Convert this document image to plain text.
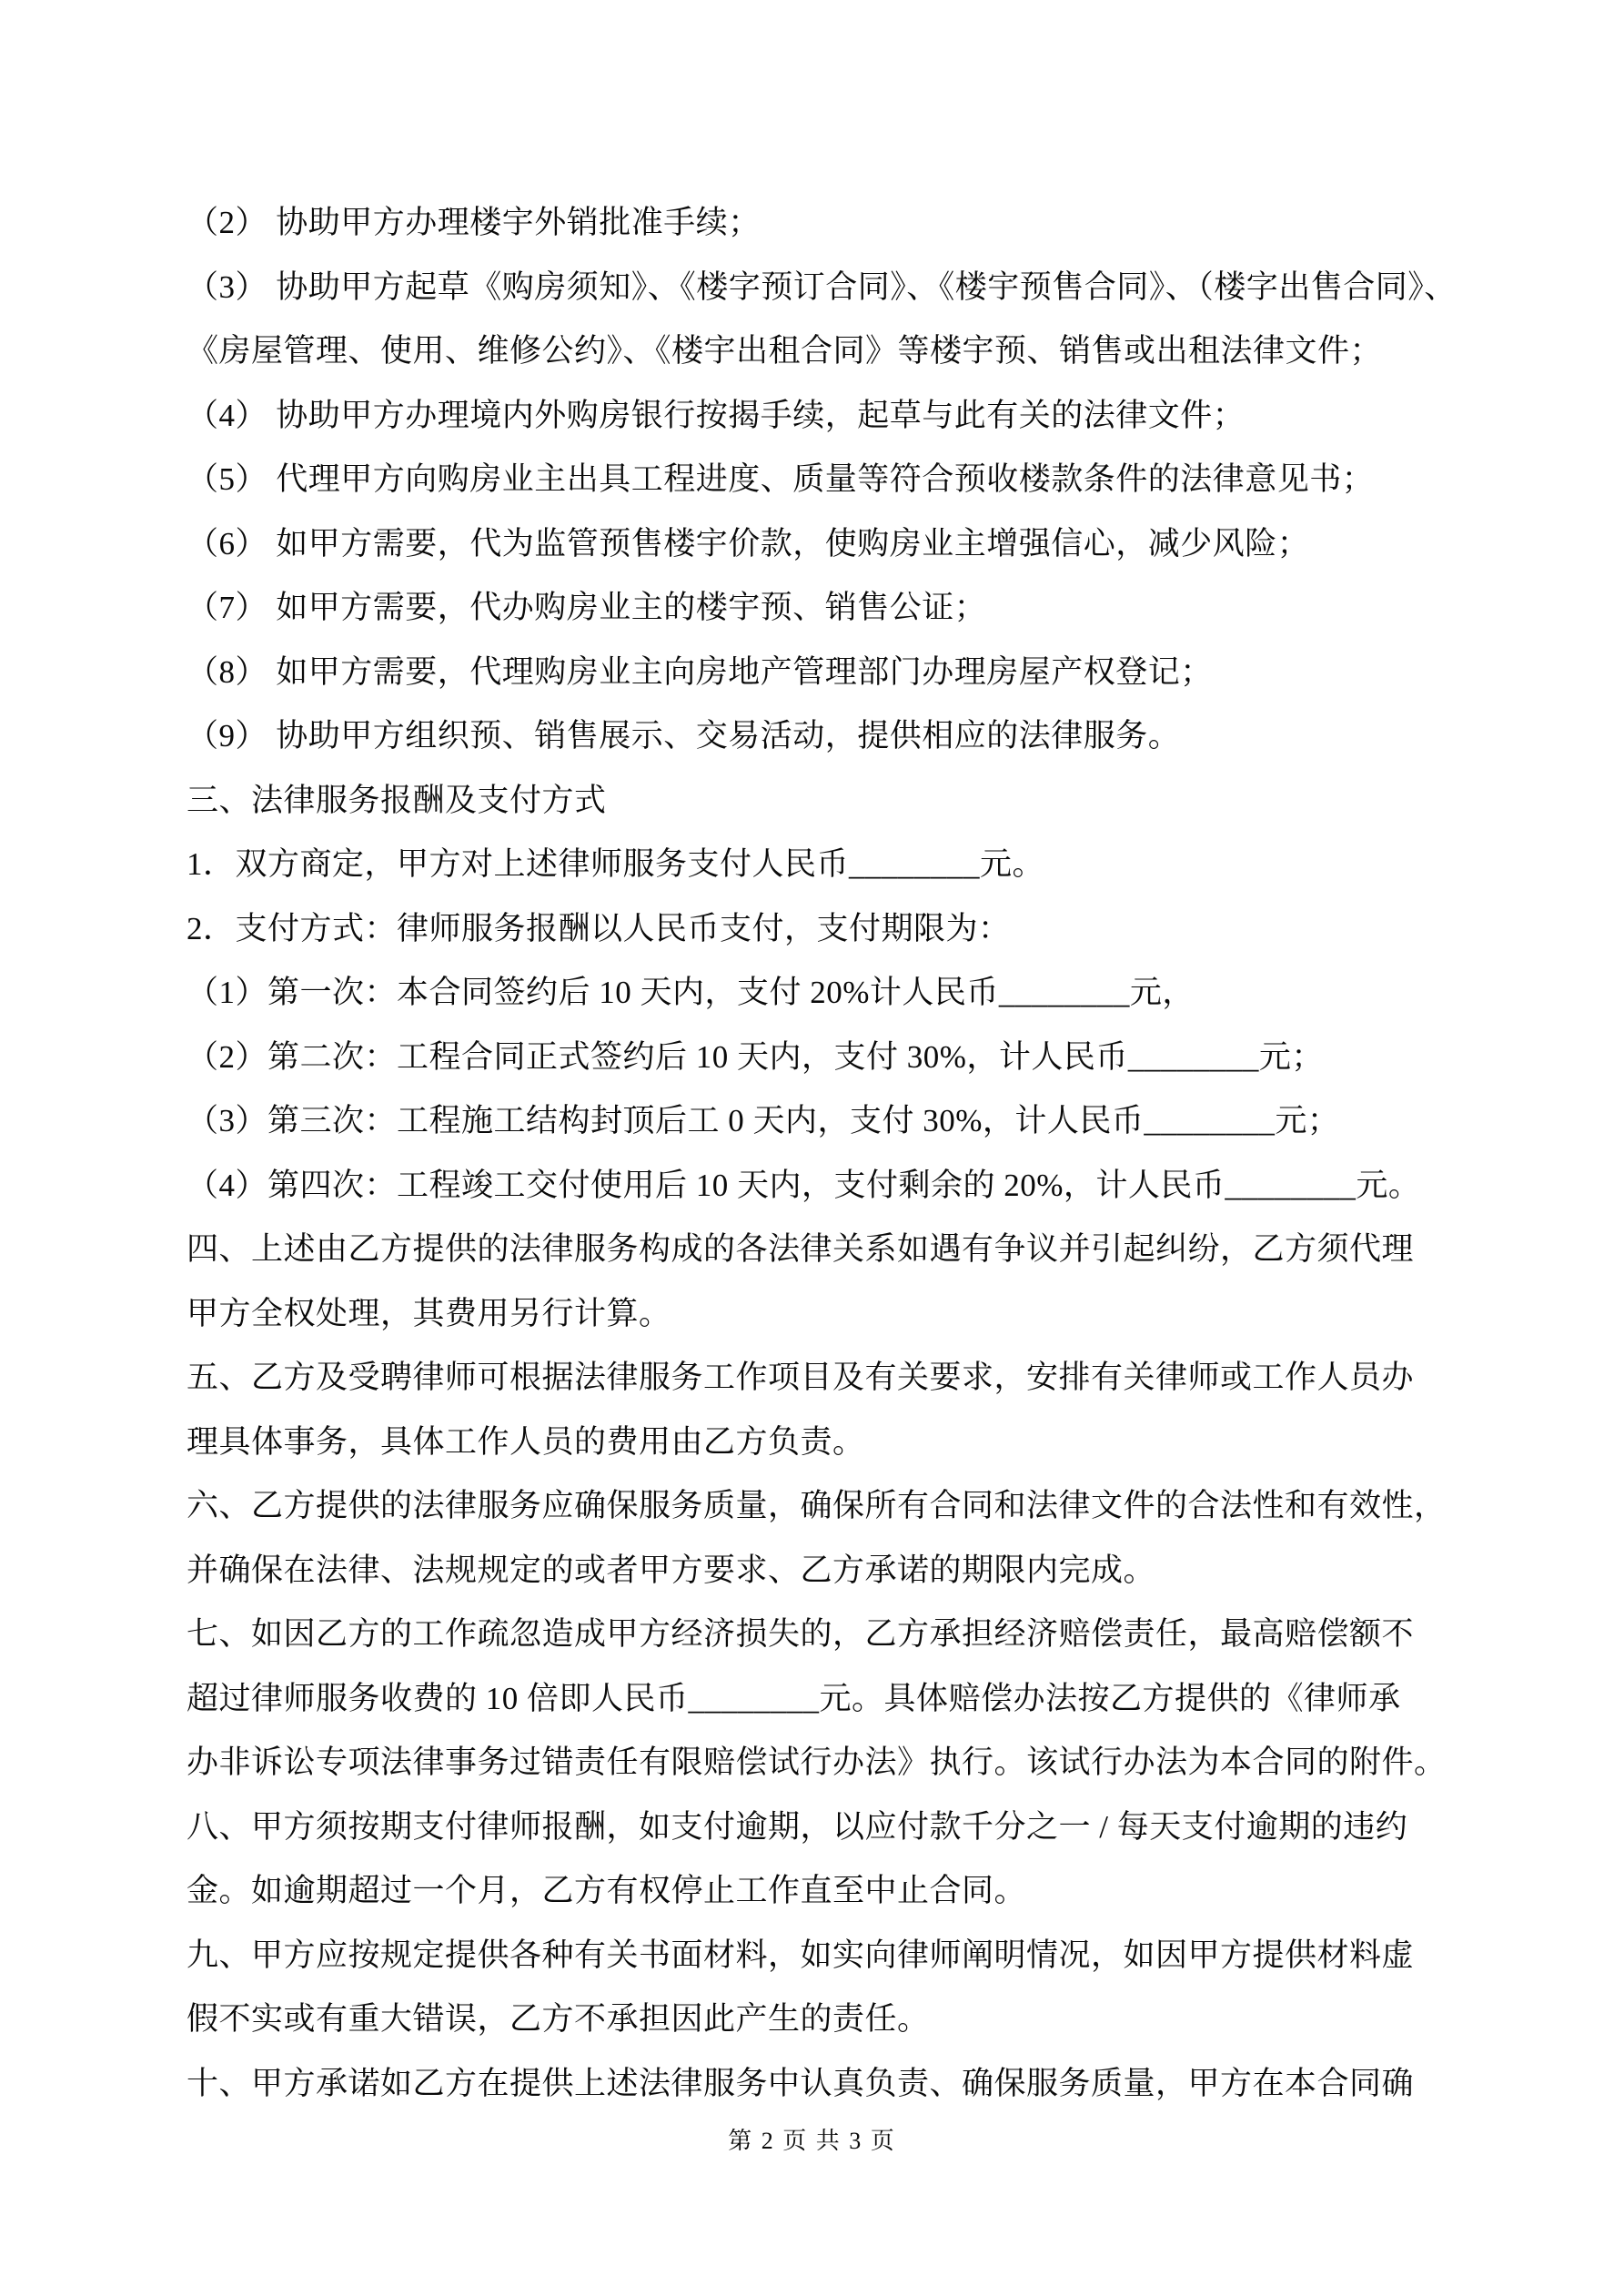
（2） 协助甲方办理楼宇外销批准手续；
（3） 协助甲方起草《购房须知》、《楼字预订合同》、《楼宇预售合同》、（楼字出售合同》、
《房屋管理、使用、维修公约》、《楼宇出租合同》等楼宇预、销售或出租法律文件；
（4） 协助甲方办理境内外购房银行按揭手续，起草与此有关的法律文件；
（5） 代理甲方向购房业主出具工程进度、质量等符合预收楼款条件的法律意见书；
（6） 如甲方需要，代为监管预售楼宇价款，使购房业主增强信心，减少风险；
（7） 如甲方需要，代办购房业主的楼宇预、销售公证；
（8） 如甲方需要，代理购房业主向房地产管理部门办理房屋产权登记；
（9） 协助甲方组织预、销售展示、交易活动，提供相应的法律服务。
三、法律服务报酬及支付方式
1．双方商定，甲方对上述律师服务支付人民币________元。
2．支付方式：律师服务报酬以人民币支付，支付期限为：
（1）第一次：本合同签约后 10 天内，支付 20%计人民币________元，
（2）第二次：工程合同正式签约后 10 天内，支付 30%，计人民币________元；
（3）第三次：工程施工结构封顶后工 0 天内，支付 30%，计人民币________元；
（4）第四次：工程竣工交付使用后 10 天内，支付剩余的 20%，计人民币________元。
四、上述由乙方提供的法律服务构成的各法律关系如遇有争议并引起纠纷，乙方须代理
甲方全权处理，其费用另行计算。
五、乙方及受聘律师可根据法律服务工作项目及有关要求，安排有关律师或工作人员办
理具体事务，具体工作人员的费用由乙方负责。
六、乙方提供的法律服务应确保服务质量，确保所有合同和法律文件的合法性和有效性，
并确保在法律、法规规定的或者甲方要求、乙方承诺的期限内完成。
七、如因乙方的工作疏忽造成甲方经济损失的，乙方承担经济赔偿责任，最高赔偿额不
超过律师服务收费的 10 倍即人民币________元。具体赔偿办法按乙方提供的《律师承
办非诉讼专项法律事务过错责任有限赔偿试行办法》执行。该试行办法为本合同的附件。
八、甲方须按期支付律师报酬，如支付逾期，以应付款千分之一 / 每天支付逾期的违约
金。如逾期超过一个月，乙方有权停止工作直至中止合同。
九、甲方应按规定提供各种有关书面材料，如实向律师阐明情况，如因甲方提供材料虚
假不实或有重大错误，乙方不承担因此产生的责任。
十、甲方承诺如乙方在提供上述法律服务中认真负责、确保服务质量，甲方在本合同确
第 2 页 共 3 页
